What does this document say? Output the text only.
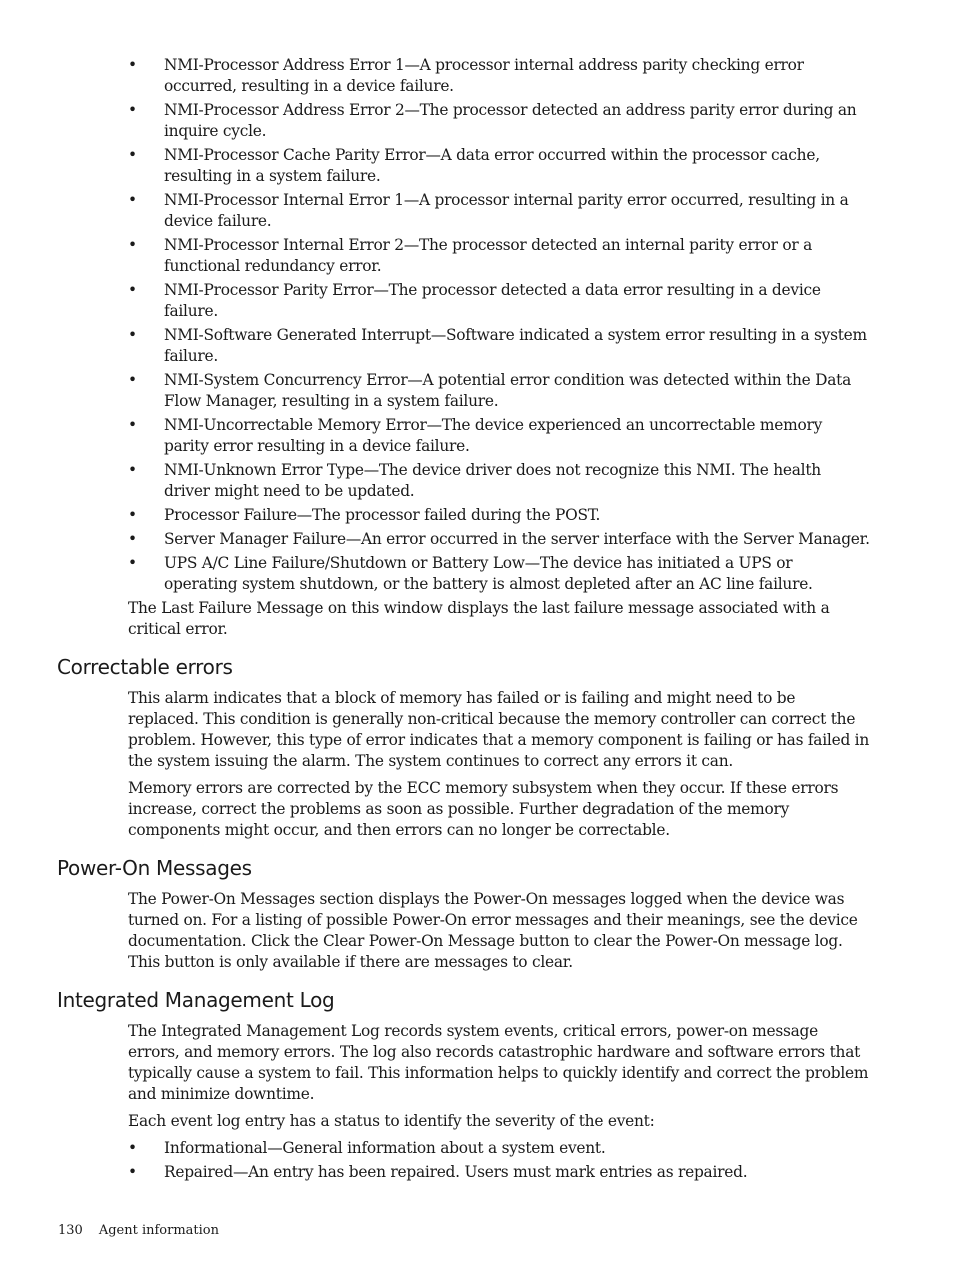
• NMI-Processor Address Error 1—A processor internal address parity checking error occurred, resulting in a device failure.
• NMI-Processor Address Error 2—The processor detected an address parity error during an inquire cycle.
• NMI-Processor Cache Parity Error—A data error occurred within the processor cache, resulting in a system failure.
• NMI-Processor Internal Error 1—A processor internal parity error occurred, resulting in a device failure.
• NMI-Processor Internal Error 2—The processor detected an internal parity error or a functional redundancy error.
• NMI-Processor Parity Error—The processor detected a data error resulting in a device failure.
• NMI-Software Generated Interrupt—Software indicated a system error resulting in a system failure.
• NMI-System Concurrency Error—A potential error condition was detected within the Data Flow Manager, resulting in a system failure.
• NMI-Uncorrectable Memory Error—The device experienced an uncorrectable memory parity error resulting in a device failure.
• NMI-Unknown Error Type—The device driver does not recognize this NMI. The health driver might need to be updated.
• Processor Failure—The processor failed during the POST.
• Server Manager Failure—An error occurred in the server interface with the Server Manager.
• UPS A/C Line Failure/Shutdown or Battery Low—The device has initiated a UPS or operating system shutdown, or the battery is almost depleted after an AC line failure.

The Last Failure Message on this window displays the last failure message associated with a critical error.

Correctable errors

This alarm indicates that a block of memory has failed or is failing and might need to be replaced. This condition is generally non-critical because the memory controller can correct the problem. However, this type of error indicates that a memory component is failing or has failed in the system issuing the alarm. The system continues to correct any errors it can.

Memory errors are corrected by the ECC memory subsystem when they occur. If these errors increase, correct the problems as soon as possible. Further degradation of the memory components might occur, and then errors can no longer be correctable.

Power-On Messages

The Power-On Messages section displays the Power-On messages logged when the device was turned on. For a listing of possible Power-On error messages and their meanings, see the device documentation. Click the Clear Power-On Message button to clear the Power-On message log. This button is only available if there are messages to clear.

Integrated Management Log

The Integrated Management Log records system events, critical errors, power-on message errors, and memory errors. The log also records catastrophic hardware and software errors that typically cause a system to fail. This information helps to quickly identify and correct the problem and minimize downtime.

Each event log entry has a status to identify the severity of the event:

• Informational—General information about a system event.
• Repaired—An entry has been repaired. Users must mark entries as repaired.
130 Agent information
